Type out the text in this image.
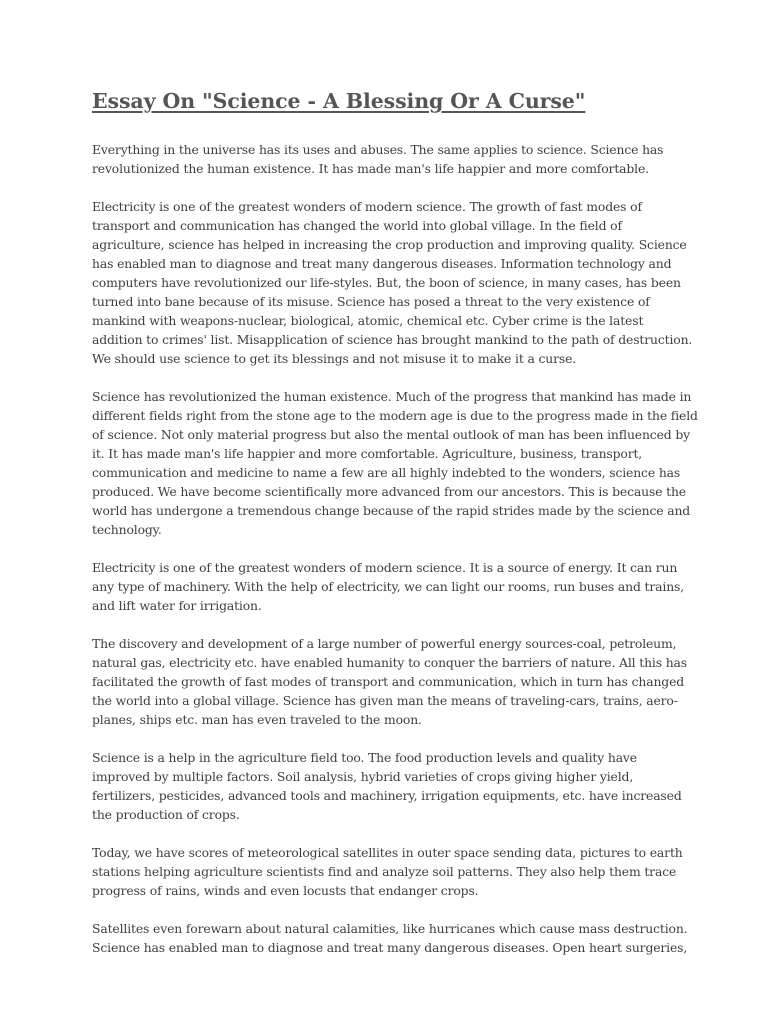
Essay On "Science - A Blessing Or A Curse"

Everything in the universe has its uses and abuses. The same applies to science. Science has
revolutionized the human existence. It has made man's life happier and more comfortable.

Electricity is one of the greatest wonders of modern science. The growth of fast modes of
transport and communication has changed the world into global village. In the field of
agriculture, science has helped in increasing the crop production and improving quality. Science
has enabled man to diagnose and treat many dangerous diseases. Information technology and
computers have revolutionized our life-styles. But, the boon of science, in many cases, has been
turned into bane because of its misuse. Science has posed a threat to the very existence of
mankind with weapons-nuclear, biological, atomic, chemical etc. Cyber crime is the latest
addition to crimes' list. Misapplication of science has brought mankind to the path of destruction.
We should use science to get its blessings and not misuse it to make it a curse.

Science has revolutionized the human existence. Much of the progress that mankind has made in
different fields right from the stone age to the modern age is due to the progress made in the field
of science. Not only material progress but also the mental outlook of man has been influenced by
it. It has made man's life happier and more comfortable. Agriculture, business, transport,
communication and medicine to name a few are all highly indebted to the wonders, science has
produced. We have become scientifically more advanced from our ancestors. This is because the
world has undergone a tremendous change because of the rapid strides made by the science and
technology.

Electricity is one of the greatest wonders of modern science. It is a source of energy. It can run
any type of machinery. With the help of electricity, we can light our rooms, run buses and trains,
and lift water for irrigation.

The discovery and development of a large number of powerful energy sources-coal, petroleum,
natural gas, electricity etc. have enabled humanity to conquer the barriers of nature. All this has
facilitated the growth of fast modes of transport and communication, which in turn has changed
the world into a global village. Science has given man the means of traveling-cars, trains, aero-
planes, ships etc. man has even traveled to the moon.

Science is a help in the agriculture field too. The food production levels and quality have
improved by multiple factors. Soil analysis, hybrid varieties of crops giving higher yield,
fertilizers, pesticides, advanced tools and machinery, irrigation equipments, etc. have increased
the production of crops.

Today, we have scores of meteorological satellites in outer space sending data, pictures to earth
stations helping agriculture scientists find and analyze soil patterns. They also help them trace
progress of rains, winds and even locusts that endanger crops.

Satellites even forewarn about natural calamities, like hurricanes which cause mass destruction.
Science has enabled man to diagnose and treat many dangerous diseases. Open heart surgeries,
